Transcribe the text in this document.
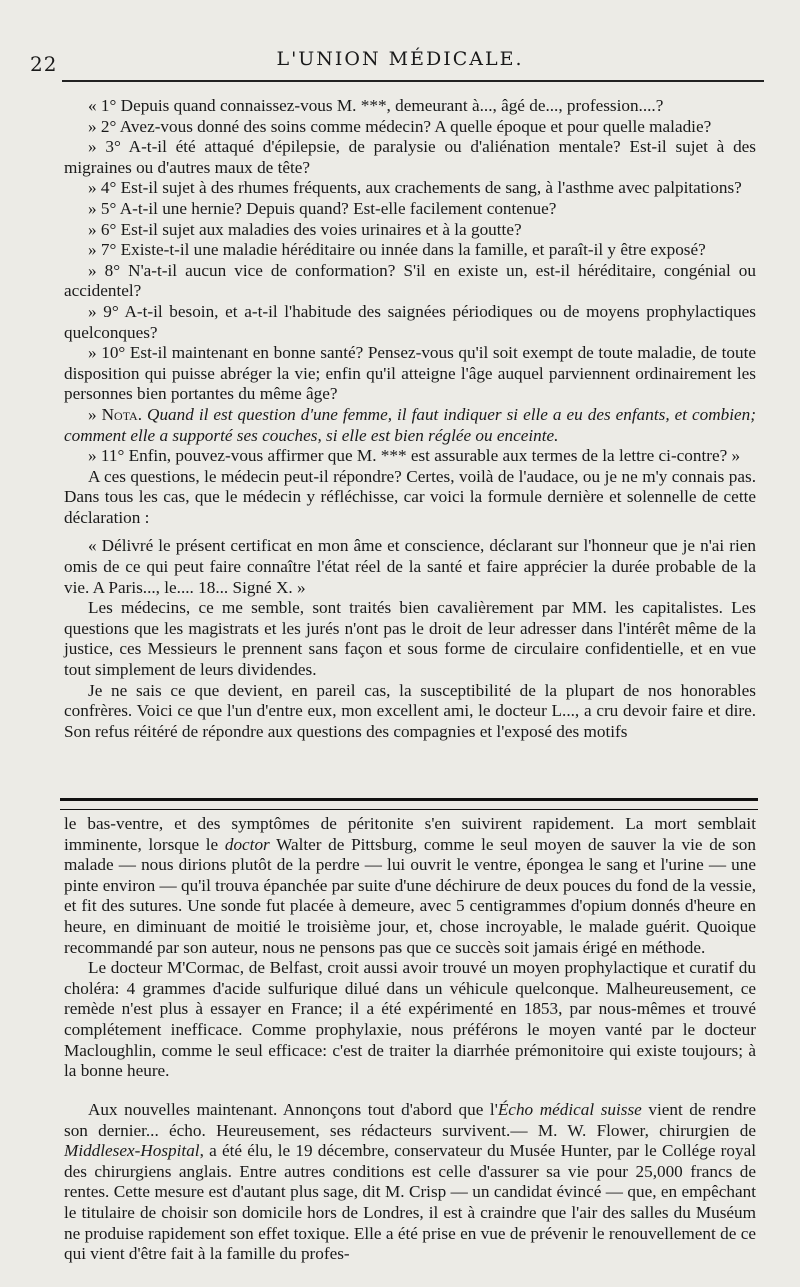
22	L'UNION MÉDICALE.

« 1° Depuis quand connaissez-vous M. ***, demeurant à..., âgé de..., profession....?

» 2° Avez-vous donné des soins comme médecin? A quelle époque et pour quelle maladie?

» 3° A-t-il été attaqué d'épilepsie, de paralysie ou d'aliénation mentale? Est-il sujet à des migraines ou d'autres maux de tête?

» 4° Est-il sujet à des rhumes fréquents, aux crachements de sang, à l'asthme avec palpitations?

» 5° A-t-il une hernie? Depuis quand? Est-elle facilement contenue?

» 6° Est-il sujet aux maladies des voies urinaires et à la goutte?

» 7° Existe-t-il une maladie héréditaire ou innée dans la famille, et paraît-il y être exposé?

» 8° N'a-t-il aucun vice de conformation? S'il en existe un, est-il héréditaire, congénial ou accidentel?

» 9° A-t-il besoin, et a-t-il l'habitude des saignées périodiques ou de moyens prophylactiques quelconques?

» 10° Est-il maintenant en bonne santé? Pensez-vous qu'il soit exempt de toute maladie, de toute disposition qui puisse abréger la vie; enfin qu'il atteigne l'âge auquel parviennent ordinairement les personnes bien portantes du même âge?

» Nota. Quand il est question d'une femme, il faut indiquer si elle a eu des enfants, et combien; comment elle a supporté ses couches, si elle est bien réglée ou enceinte.

» 11° Enfin, pouvez-vous affirmer que M. *** est assurable aux termes de la lettre ci-contre? »

A ces questions, le médecin peut-il répondre? Certes, voilà de l'audace, ou je ne m'y connais pas. Dans tous les cas, que le médecin y réfléchisse, car voici la formule dernière et solennelle de cette déclaration :

« Délivré le présent certificat en mon âme et conscience, déclarant sur l'honneur que je n'ai rien omis de ce qui peut faire connaître l'état réel de la santé et faire apprécier la durée probable de la vie. A Paris..., le.... 18... Signé X. »

Les médecins, ce me semble, sont traités bien cavalièrement par MM. les capitalistes. Les questions que les magistrats et les jurés n'ont pas le droit de leur adresser dans l'intérêt même de la justice, ces Messieurs le prennent sans façon et sous forme de circulaire confidentielle, et en vue tout simplement de leurs dividendes.

Je ne sais ce que devient, en pareil cas, la susceptibilité de la plupart de nos honorables confrères. Voici ce que l'un d'entre eux, mon excellent ami, le docteur L..., a cru devoir faire et dire. Son refus réitéré de répondre aux questions des compagnies et l'exposé des motifs

le bas-ventre, et des symptômes de péritonite s'en suivirent rapidement. La mort semblait imminente, lorsque le doctor Walter de Pittsburg, comme le seul moyen de sauver la vie de son malade — nous dirions plutôt de la perdre — lui ouvrit le ventre, épongea le sang et l'urine — une pinte environ — qu'il trouva épanchée par suite d'une déchirure de deux pouces du fond de la vessie, et fit des sutures. Une sonde fut placée à demeure, avec 5 centigrammes d'opium donnés d'heure en heure, en diminuant de moitié le troisième jour, et, chose incroyable, le malade guérit. Quoique recommandé par son auteur, nous ne pensons pas que ce succès soit jamais érigé en méthode.

Le docteur M'Cormac, de Belfast, croit aussi avoir trouvé un moyen prophylactique et curatif du choléra: 4 grammes d'acide sulfurique dilué dans un véhicule quelconque. Malheureusement, ce remède n'est plus à essayer en France; il a été expérimenté en 1853, par nous-mêmes et trouvé complétement inefficace. Comme prophylaxie, nous préférons le moyen vanté par le docteur Macloughlin, comme le seul efficace: c'est de traiter la diarrhée prémonitoire qui existe toujours; à la bonne heure.

Aux nouvelles maintenant. Annonçons tout d'abord que l'Écho médical suisse vient de rendre son dernier... écho. Heureusement, ses rédacteurs survivent.— M. W. Flower, chirurgien de Middlesex-Hospital, a été élu, le 19 décembre, conservateur du Musée Hunter, par le Collége royal des chirurgiens anglais. Entre autres conditions est celle d'assurer sa vie pour 25,000 francs de rentes. Cette mesure est d'autant plus sage, dit M. Crisp — un candidat évincé — que, en empêchant le titulaire de choisir son domicile hors de Londres, il est à craindre que l'air des salles du Muséum ne produise rapidement son effet toxique. Elle a été prise en vue de prévenir le renouvellement de ce qui vient d'être fait à la famille du profes-
